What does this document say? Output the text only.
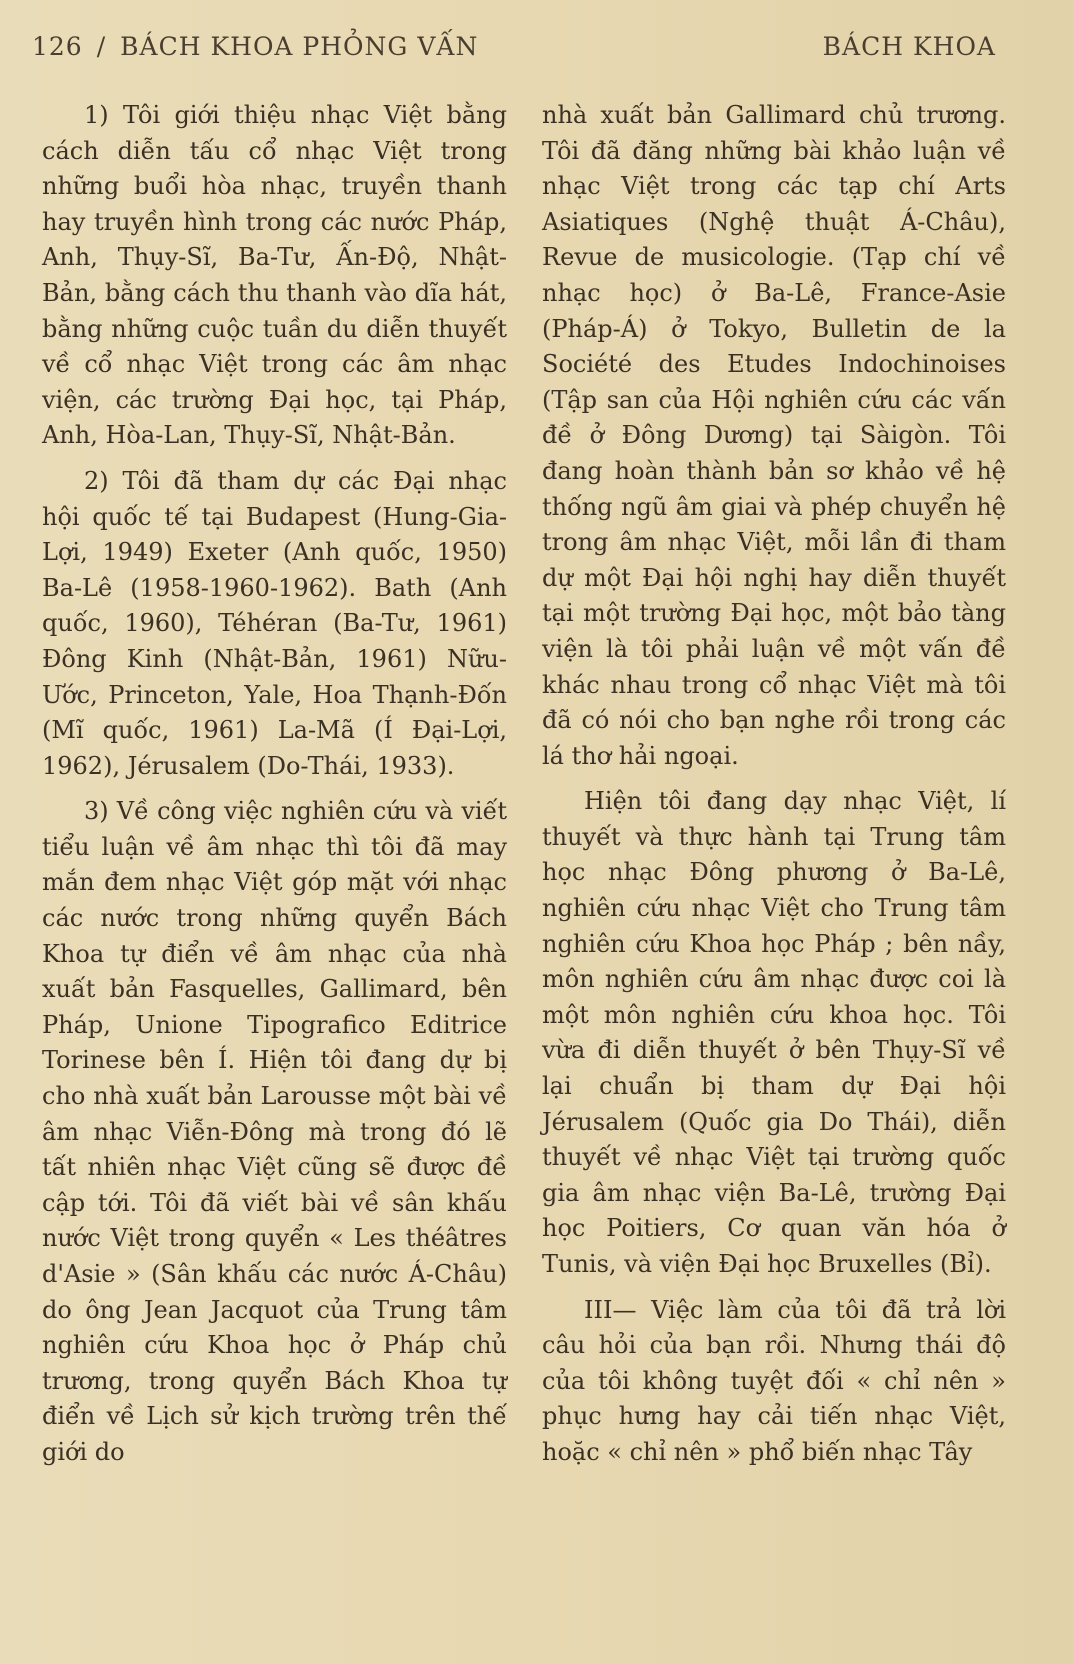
126 / BÁCH KHOA PHỎNG VẤN	BÁCH KHOA

1) Tôi giới thiệu nhạc Việt bằng cách diễn tấu cổ nhạc Việt trong những buổi hòa nhạc, truyền thanh hay truyền hình trong các nước Pháp, Anh, Thụy-Sĩ, Ba-Tư, Ấn-Độ, Nhật-Bản, bằng cách thu thanh vào dĩa hát, bằng những cuộc tuần du diễn thuyết về cổ nhạc Việt trong các âm nhạc viện, các trường Đại học, tại Pháp, Anh, Hòa-Lan, Thụy-Sĩ, Nhật-Bản.

2) Tôi đã tham dự các Đại nhạc hội quốc tế tại Budapest (Hung-Gia-Lợi, 1949) Exeter (Anh quốc, 1950) Ba-Lê (1958-1960-1962). Bath (Anh quốc, 1960), Téhéran (Ba-Tư, 1961) Đông Kinh (Nhật-Bản, 1961) Nữu-Ước, Princeton, Yale, Hoa Thạnh-Đốn (Mĩ quốc, 1961) La-Mã (Í Đại-Lợi, 1962), Jérusalem (Do-Thái, 1933).

3) Về công việc nghiên cứu và viết tiểu luận về âm nhạc thì tôi đã may mắn đem nhạc Việt góp mặt với nhạc các nước trong những quyển Bách Khoa tự điển về âm nhạc của nhà xuất bản Fasquelles, Gallimard, bên Pháp, Unione Tipografico Editrice Torinese bên Í. Hiện tôi đang dự bị cho nhà xuất bản Larousse một bài về âm nhạc Viễn-Đông mà trong đó lẽ tất nhiên nhạc Việt cũng sẽ được đề cập tới. Tôi đã viết bài về sân khấu nước Việt trong quyển « Les théâtres d'Asie » (Sân khấu các nước Á-Châu) do ông Jean Jacquot của Trung tâm nghiên cứu Khoa học ở Pháp chủ trương, trong quyển Bách Khoa tự điển về Lịch sử kịch trường trên thế giới do

nhà xuất bản Gallimard chủ trương. Tôi đã đăng những bài khảo luận về nhạc Việt trong các tạp chí Arts Asiatiques (Nghệ thuật Á-Châu), Revue de musicologie. (Tạp chí về nhạc học) ở Ba-Lê, France-Asie (Pháp-Á) ở Tokyo, Bulletin de la Société des Etudes Indochinoises (Tập san của Hội nghiên cứu các vấn đề ở Đông Dương) tại Sàigòn. Tôi đang hoàn thành bản sơ khảo về hệ thống ngũ âm giai và phép chuyển hệ trong âm nhạc Việt, mỗi lần đi tham dự một Đại hội nghị hay diễn thuyết tại một trường Đại học, một bảo tàng viện là tôi phải luận về một vấn đề khác nhau trong cổ nhạc Việt mà tôi đã có nói cho bạn nghe rồi trong các lá thơ hải ngoại.

Hiện tôi đang dạy nhạc Việt, lí thuyết và thực hành tại Trung tâm học nhạc Đông phương ở Ba-Lê, nghiên cứu nhạc Việt cho Trung tâm nghiên cứu Khoa học Pháp ; bên nầy, môn nghiên cứu âm nhạc được coi là một môn nghiên cứu khoa học. Tôi vừa đi diễn thuyết ở bên Thụy-Sĩ về lại chuẩn bị tham dự Đại hội Jérusalem (Quốc gia Do Thái), diễn thuyết về nhạc Việt tại trường quốc gia âm nhạc viện Ba-Lê, trường Đại học Poitiers, Cơ quan văn hóa ở Tunis, và viện Đại học Bruxelles (Bỉ).

III— Việc làm của tôi đã trả lời câu hỏi của bạn rồi. Nhưng thái độ của tôi không tuyệt đối « chỉ nên » phục hưng hay cải tiến nhạc Việt, hoặc « chỉ nên » phổ biến nhạc Tây
